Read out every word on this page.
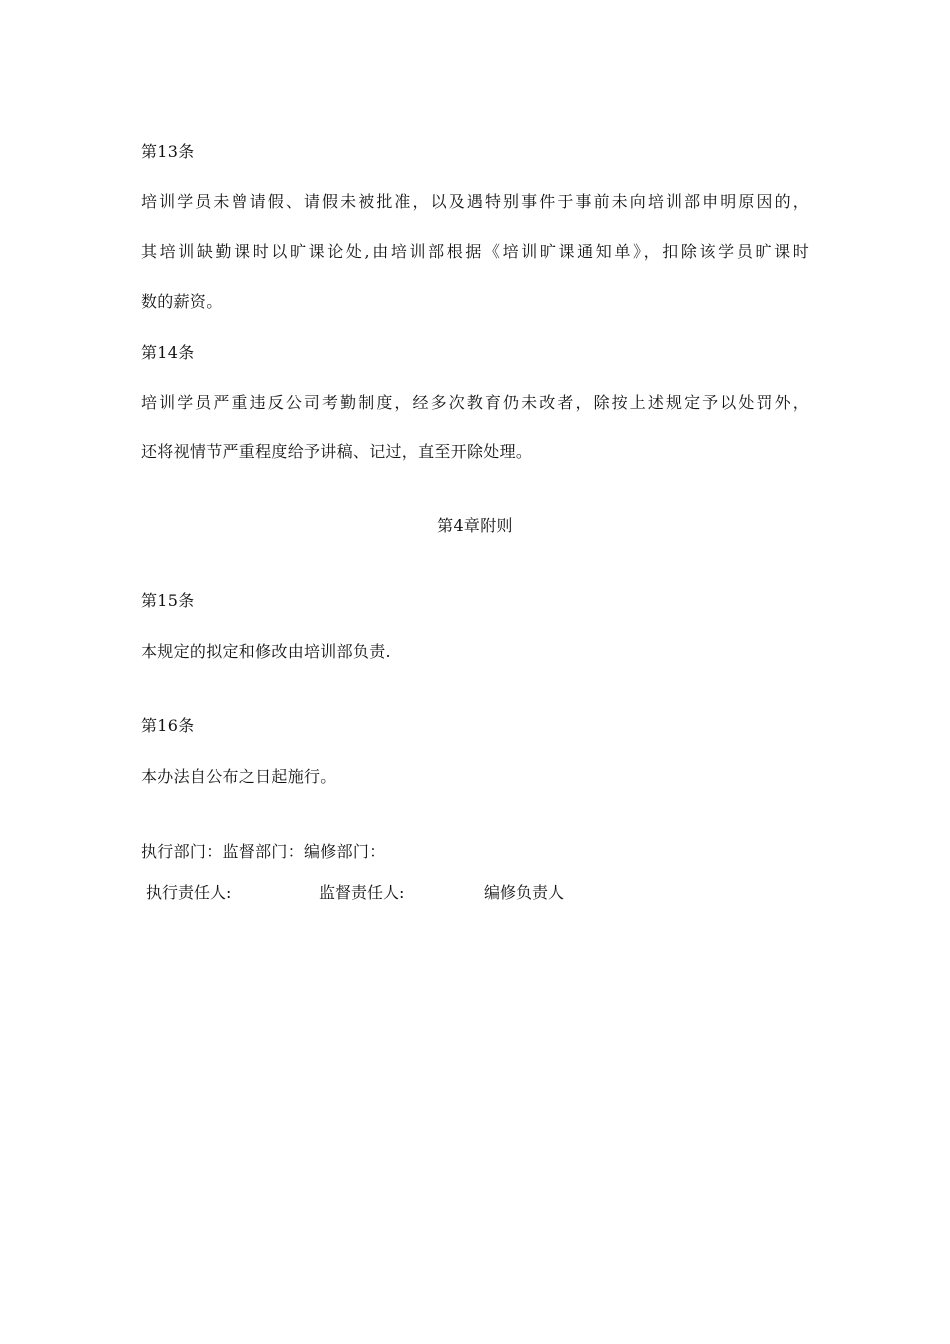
第13条
培训学员未曾请假、请假未被批准，以及遇特别事件于事前未向培训部申明原因的，
其培训缺勤课时以旷课论处,由培训部根据《培训旷课通知单》，扣除该学员旷课时
数的薪资。
第14条
培训学员严重违反公司考勤制度，经多次教育仍未改者，除按上述规定予以处罚外，
还将视情节严重程度给予讲稿、记过，直至开除处理。
第4章附则
第15条
本规定的拟定和修改由培训部负责.
第16条
本办法自公布之日起施行。
执行部门：监督部门：编修部门：
执行责任人:	监督责任人:	编修负责人
